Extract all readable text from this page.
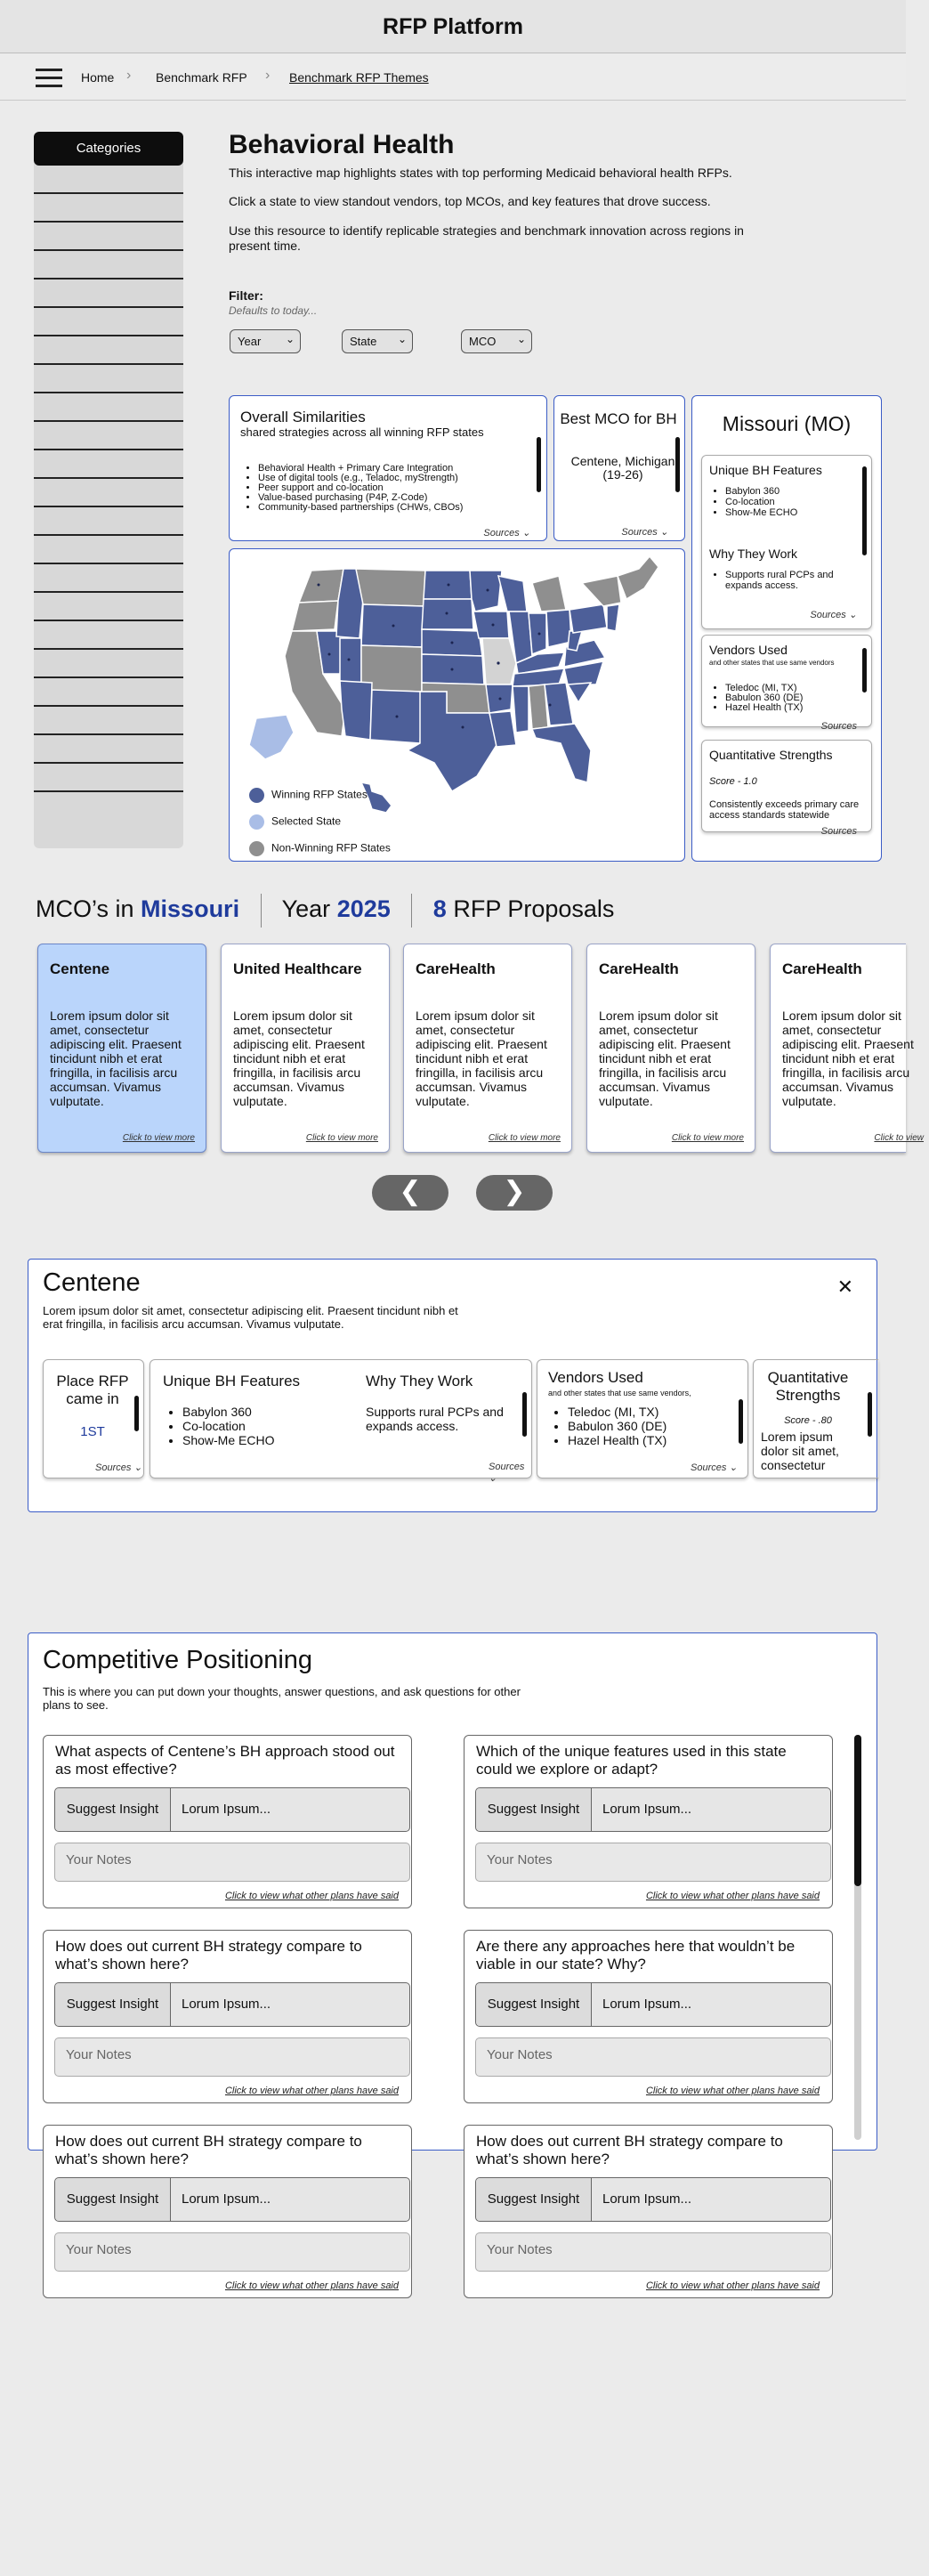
RFP Platform
Home › Benchmark RFP › Benchmark RFP Themes
Categories	Behavioral Health

This interactive map highlights states with top performing Medicaid behavioral health RFPs.

Click a state to view standout vendors, top MCOs, and key features that drove success.

Use this resource to identify replicable strategies and benchmark innovation across regions in present time.

Filter:
Defaults to today...
Year ⌄	State ⌄	MCO ⌄
Overall Similarities
shared strategies across all winning RFP states
• Behavioral Health + Primary Care Integration
• Use of digital tools (e.g., Teladoc, myStrength)
• Peer support and co-location
• Value-based purchasing (P4P, Z-Code)
• Community-based partnerships (CHWs, CBOs)
Sources ⌄
Best MCO for BH
Centene, Michigan (19-26)
Sources ⌄
Winning RFP States
Selected State
Non-Winning RFP States
Missouri (MO)
Unique BH Features
• Babylon 360
• Co-location
• Show-Me ECHO
Why They Work
• Supports rural PCPs and expands access.
Sources ⌄
Vendors Used
and other states that use same vendors
• Teledoc (MI, TX)
• Babulon 360 (DE)
• Hazel Health (TX)
Sources
Quantitative Strengths
Score - 1.0
Consistently exceeds primary care access standards statewide
Sources
MCO’s in Missouri Year 2025 8 RFP Proposals
Centene
Lorem ipsum dolor sit amet, consectetur adipiscing elit. Praesent tincidunt nibh et erat fringilla, in facilisis arcu accumsan. Vivamus vulputate.
Click to view more
United Healthcare
Lorem ipsum dolor sit amet, consectetur adipiscing elit. Praesent tincidunt nibh et erat fringilla, in facilisis arcu accumsan. Vivamus vulputate.
Click to view more
CareHealth
Lorem ipsum dolor sit amet, consectetur adipiscing elit. Praesent tincidunt nibh et erat fringilla, in facilisis arcu accumsan. Vivamus vulputate.
Click to view more
CareHealth
Lorem ipsum dolor sit amet, consectetur adipiscing elit. Praesent tincidunt nibh et erat fringilla, in facilisis arcu accumsan. Vivamus vulputate.
Click to view more
CareHealth
Lorem ipsum dolor sit amet, consectetur adipiscing elit. Praesent tincidunt nibh et erat fringilla, in facilisis arcu accumsan. Vivamus vulputate.
Click to view
❮	❯
Centene	✕
Lorem ipsum dolor sit amet, consectetur adipiscing elit. Praesent tincidunt nibh et erat fringilla, in facilisis arcu accumsan. Vivamus vulputate.
Place RFP came in
1ST
Sources ⌄
Unique BH Features
• Babylon 360
• Co-location
• Show-Me ECHO
Why They Work
Supports rural PCPs and expands access.
Sources ⌄
Vendors Used
and other states that use same vendors,
• Teledoc (MI, TX)
• Babulon 360 (DE)
• Hazel Health (TX)
Sources ⌄
Quantitative Strengths
Score - .80
Lorem ipsum dolor sit amet, consectetur
Competitive Positioning
This is where you can put down your thoughts, answer questions, and ask questions for other plans to see.
What aspects of Centene’s BH approach stood out as most effective?
Suggest Insight	Lorum Ipsum...
Your Notes
Click to view what other plans have said
Which of the unique features used in this state could we explore or adapt?
Suggest Insight	Lorum Ipsum...
Your Notes
Click to view what other plans have said
How does out current BH strategy compare to what’s shown here?
Suggest Insight	Lorum Ipsum...
Your Notes
Click to view what other plans have said
Are there any approaches here that wouldn’t be viable in our state? Why?
Suggest Insight	Lorum Ipsum...
Your Notes
Click to view what other plans have said
How does out current BH strategy compare to what’s shown here?
Suggest Insight	Lorum Ipsum...
Your Notes
Click to view what other plans have said
How does out current BH strategy compare to what’s shown here?
Suggest Insight	Lorum Ipsum...
Your Notes
Click to view what other plans have said
